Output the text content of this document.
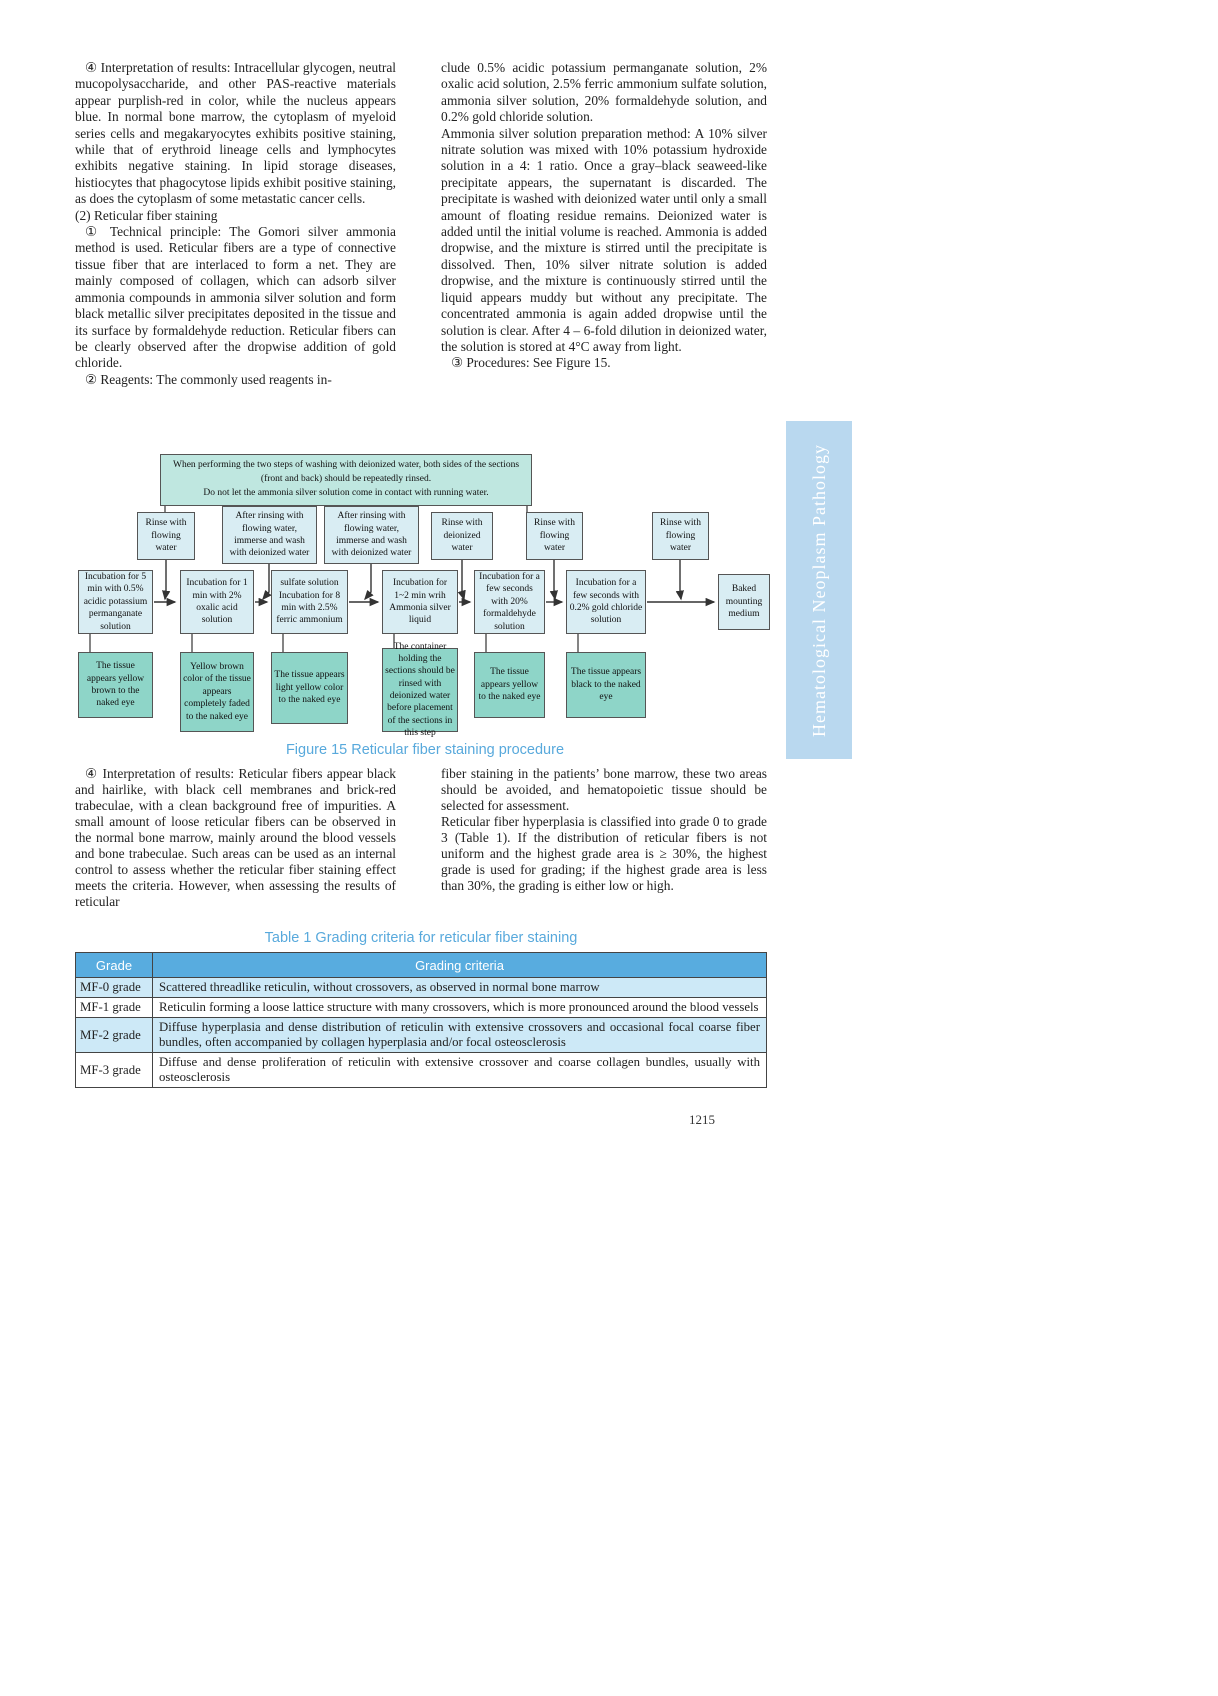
④ Interpretation of results: Intracellular glycogen, neutral mucopolysaccharide, and other PAS-reactive materials appear purplish-red in color, while the nucleus appears blue. In normal bone marrow, the cytoplasm of myeloid series cells and megakaryocytes exhibits positive staining, while that of erythroid lineage cells and lymphocytes exhibits negative staining. In lipid storage diseases, histiocytes that phagocytose lipids exhibit positive staining, as does the cytoplasm of some metastatic cancer cells.

(2) Reticular fiber staining

① Technical principle: The Gomori silver ammonia method is used. Reticular fibers are a type of connective tissue fiber that are interlaced to form a net. They are mainly composed of collagen, which can adsorb silver ammonia compounds in ammonia silver solution and form black metallic silver precipitates deposited in the tissue and its surface by formaldehyde reduction. Reticular fibers can be clearly observed after the dropwise addition of gold chloride.

② Reagents: The commonly used reagents in-

clude 0.5% acidic potassium permanganate solution, 2% oxalic acid solution, 2.5% ferric ammonium sulfate solution, ammonia silver solution, 20% formaldehyde solution, and 0.2% gold chloride solution.

Ammonia silver solution preparation method: A 10% silver nitrate solution was mixed with 10% potassium hydroxide solution in a 4: 1 ratio. Once a gray–black seaweed-like precipitate appears, the supernatant is discarded. The precipitate is washed with deionized water until only a small amount of floating residue remains. Deionized water is added until the initial volume is reached. Ammonia is added dropwise, and the mixture is stirred until the precipitate is dissolved. Then, 10% silver nitrate solution is added dropwise, and the mixture is continuously stirred until the liquid appears muddy but without any precipitate. The concentrated ammonia is again added dropwise until the solution is clear. After 4 – 6-fold dilution in deionized water, the solution is stored at 4°C away from light.

③ Procedures: See Figure 15.

When performing the two steps of washing with deionized water, both sides of the sections
(front and back) should be repeatedly rinsed.
Do not let the ammonia silver solution come in contact with running water.
Rinse with flowing water
After rinsing with flowing water, immerse and wash with deionized water
After rinsing with flowing water, immerse and wash with deionized water
Rinse with deionized water
Rinse with flowing water
Rinse with flowing water
Incubation for 5 min with 0.5% acidic potassium permanganate solution
Incubation for 1 min with 2% oxalic acid solution
sulfate solution Incubation for 8 min with 2.5% ferric ammonium
Incubation for 1~2 min wrih Ammonia silver liquid
Incubation for a few seconds with 20% formaldehyde solution
Incubation for a few seconds with 0.2% gold chloride solution
Baked mounting medium
The tissue appears yellow brown to the naked eye
Yellow brown color of the tissue appears completely faded to the naked eye
The tissue appears light yellow color to the naked eye
The container holding the sections should be rinsed with deionized water before placement of the sections in this step
The tissue appears yellow to the naked eye
The tissue appears black to the naked eye
Figure 15 Reticular fiber staining procedure

④ Interpretation of results: Reticular fibers appear black and hairlike, with black cell membranes and brick-red trabeculae, with a clean background free of impurities. A small amount of loose reticular fibers can be observed in the normal bone marrow, mainly around the blood vessels and bone trabeculae. Such areas can be used as an internal control to assess whether the reticular fiber staining effect meets the criteria. However, when assessing the results of reticular

fiber staining in the patients’ bone marrow, these two areas should be avoided, and hematopoietic tissue should be selected for assessment.

Reticular fiber hyperplasia is classified into grade 0 to grade 3 (Table 1). If the distribution of reticular fibers is not uniform and the highest grade area is ≥ 30%, the highest grade is used for grading; if the highest grade area is less than 30%, the grading is either low or high.

Table 1 Grading criteria for reticular fiber staining
Grade	Grading criteria
MF-0 grade	Scattered threadlike reticulin, without crossovers, as observed in normal bone marrow
MF-1 grade	Reticulin forming a loose lattice structure with many crossovers, which is more pronounced around the blood vessels
MF-2 grade	Diffuse hyperplasia and dense distribution of reticulin with extensive crossovers and occasional focal coarse fiber bundles, often accompanied by collagen hyperplasia and/or focal osteosclerosis
MF-3 grade	Diffuse and dense proliferation of reticulin with extensive crossover and coarse collagen bundles, usually with osteosclerosis
1215
Hematological Neoplasm Pathology
